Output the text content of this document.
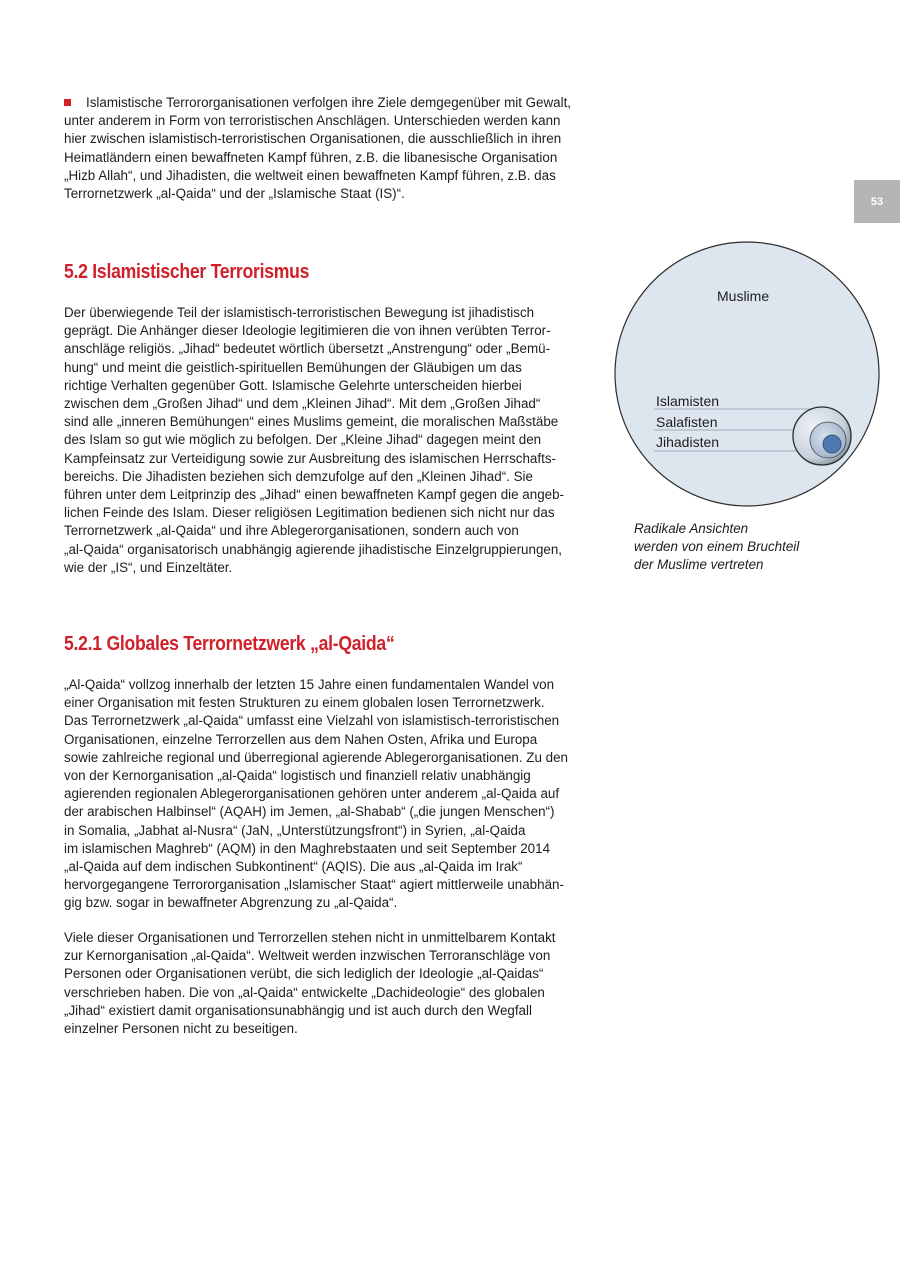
Islamistische Terrororganisationen verfolgen ihre Ziele demgegenüber mit Gewalt,
unter anderem in Form von terroristischen Anschlägen. Unterschieden werden kann
hier zwischen islamistisch-terroristischen Organisationen, die ausschließlich in ihren
Heimatländern einen bewaffneten Kampf führen, z.B. die libanesische Organisation
„Hizb Allah“, und Jihadisten, die weltweit einen bewaffneten Kampf führen, z.B. das
Terrornetzwerk „al-Qaida“ und der „Islamische Staat (IS)“.

53
5.2 Islamistischer Terrorismus

Der überwiegende Teil der islamistisch-terroristischen Bewegung ist jihadistisch
geprägt. Die Anhänger dieser Ideologie legitimieren die von ihnen verübten Terror-
anschläge religiös. „Jihad“ bedeutet wörtlich übersetzt „Anstrengung“ oder „Bemü-
hung“ und meint die geistlich-spirituellen Bemühungen der Gläubigen um das
richtige Verhalten gegenüber Gott. Islamische Gelehrte unterscheiden hierbei
zwischen dem „Großen Jihad“ und dem „Kleinen Jihad“. Mit dem „Großen Jihad“
sind alle „inneren Bemühungen“ eines Muslims gemeint, die moralischen Maßstäbe
des Islam so gut wie möglich zu befolgen. Der „Kleine Jihad“ dagegen meint den
Kampfeinsatz zur Verteidigung sowie zur Ausbreitung des islamischen Herrschafts-
bereichs. Die Jihadisten beziehen sich demzufolge auf den „Kleinen Jihad“. Sie
führen unter dem Leitprinzip des „Jihad“ einen bewaffneten Kampf gegen die angeb-
lichen Feinde des Islam. Dieser religiösen Legitimation bedienen sich nicht nur das
Terrornetzwerk „al-Qaida“ und ihre Ablegerorganisationen, sondern auch von
„al-Qaida“ organisatorisch unabhängig agierende jihadistische Einzelgruppierungen,
wie der „IS“, und Einzeltäter.

Muslime
Islamisten
Salafisten
Jihadisten

Radikale Ansichten
werden von einem Bruchteil
der Muslime vertreten

5.2.1 Globales Terrornetzwerk „al-Qaida“

„Al-Qaida“ vollzog innerhalb der letzten 15 Jahre einen fundamentalen Wandel von
einer Organisation mit festen Strukturen zu einem globalen losen Terrornetzwerk.
Das Terrornetzwerk „al-Qaida“ umfasst eine Vielzahl von islamistisch-terroristischen
Organisationen, einzelne Terrorzellen aus dem Nahen Osten, Afrika und Europa
sowie zahlreiche regional und überregional agierende Ablegerorganisationen. Zu den
von der Kernorganisation „al-Qaida“ logistisch und finanziell relativ unabhängig
agierenden regionalen Ablegerorganisationen gehören unter anderem „al-Qaida auf
der arabischen Halbinsel“ (AQAH) im Jemen, „al-Shabab“ („die jungen Menschen“)
in Somalia, „Jabhat al-Nusra“ (JaN, „Unterstützungsfront“) in Syrien, „al-Qaida
im islamischen Maghreb“ (AQM) in den Maghrebstaaten und seit September 2014
„al-Qaida auf dem indischen Subkontinent“ (AQIS). Die aus „al-Qaida im Irak“
hervorgegangene Terrororganisation „Islamischer Staat“ agiert mittlerweile unabhän-
gig bzw. sogar in bewaffneter Abgrenzung zu „al-Qaida“.

Viele dieser Organisationen und Terrorzellen stehen nicht in unmittelbarem Kontakt
zur Kernorganisation „al-Qaida“. Weltweit werden inzwischen Terroranschläge von
Personen oder Organisationen verübt, die sich lediglich der Ideologie „al-Qaidas“
verschrieben haben. Die von „al-Qaida“ entwickelte „Dachideologie“ des globalen
„Jihad“ existiert damit organisationsunabhängig und ist auch durch den Wegfall
einzelner Personen nicht zu beseitigen.
